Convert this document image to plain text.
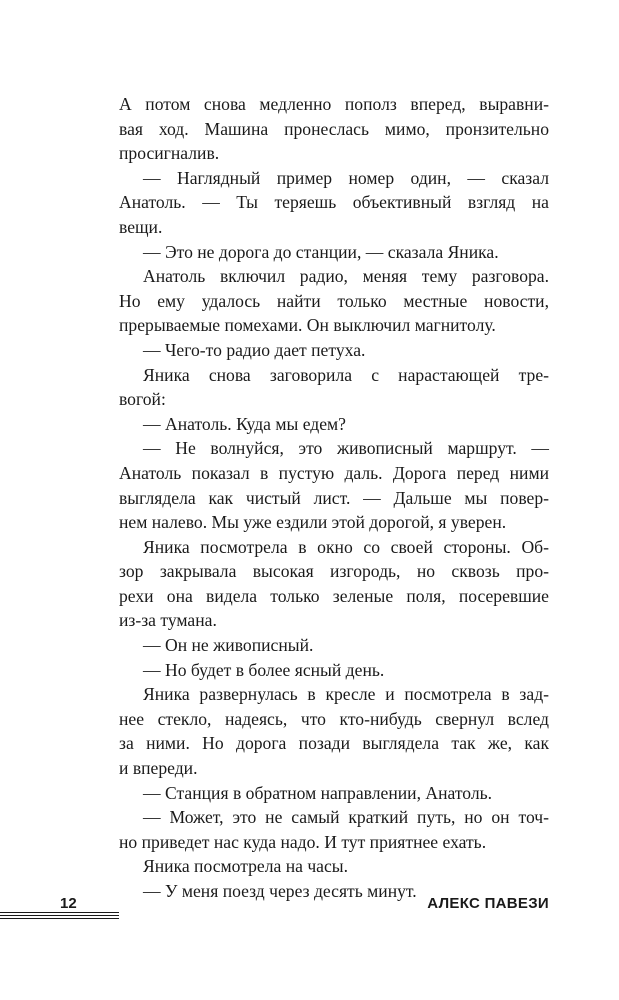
А потом снова медленно пополз вперед, выравни-
вая ход. Машина пронеслась мимо, пронзительно
просигналив.
— Наглядный пример номер один, — сказал
Анатоль. — Ты теряешь объективный взгляд на
вещи.
— Это не дорога до станции, — сказала Яника.
Анатоль включил радио, меняя тему разговора.
Но ему удалось найти только местные новости,
прерываемые помехами. Он выключил магнитолу.
— Чего-то радио дает петуха.
Яника снова заговорила с нарастающей тре-
вогой:
— Анатоль. Куда мы едем?
— Не волнуйся, это живописный маршрут. —
Анатоль показал в пустую даль. Дорога перед ними
выглядела как чистый лист. — Дальше мы повер-
нем налево. Мы уже ездили этой дорогой, я уверен.
Яника посмотрела в окно со своей стороны. Об-
зор закрывала высокая изгородь, но сквозь про-
рехи она видела только зеленые поля, посеревшие
из-за тумана.
— Он не живописный.
— Но будет в более ясный день.
Яника развернулась в кресле и посмотрела в зад-
нее стекло, надеясь, что кто-нибудь свернул вслед
за ними. Но дорога позади выглядела так же, как
и впереди.
— Станция в обратном направлении, Анатоль.
— Может, это не самый краткий путь, но он точ-
но приведет нас куда надо. И тут приятнее ехать.
Яника посмотрела на часы.
— У меня поезд через десять минут.
12	АЛЕКС ПАВЕЗИ
